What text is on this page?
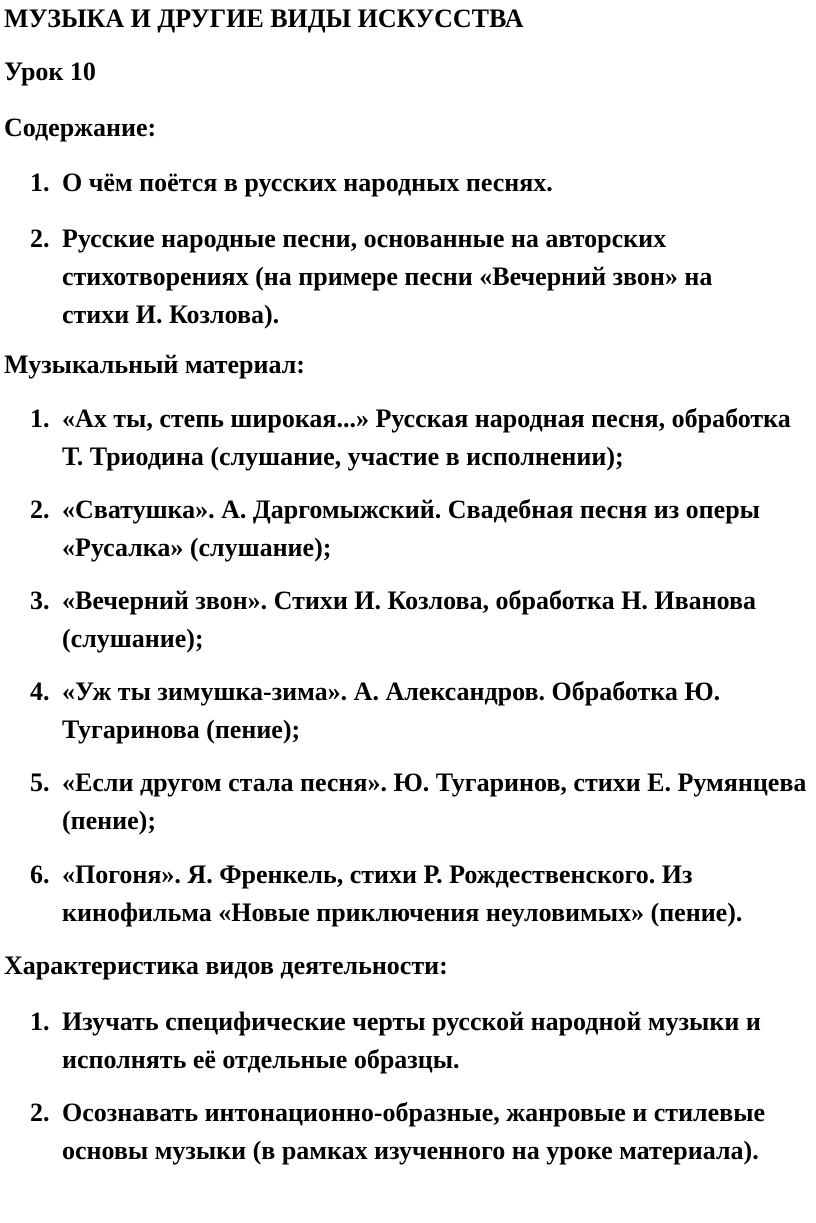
МУЗЫКА И ДРУГИЕ ВИДЫ ИСКУССТВА
Урок 10
Содержание:
1. О чём поётся в русских народных песнях.
2. Русские народные песни, основанные на авторских стихотворениях (на примере песни «Вечерний звон» на стихи И. Козлова).
Музыкальный материал:
1. «Ах ты, степь широкая...» Русская народная песня, обработка Т. Триодина (слушание, участие в исполнении);
2. «Сватушка». А. Даргомыжский. Свадебная песня из оперы «Русалка» (слушание);
3. «Вечерний звон». Стихи И. Козлова, обработка Н. Иванова (слушание);
4. «Уж ты зимушка-зима». А. Александров. Обработка Ю. Тугаринова (пение);
5. «Если другом стала песня». Ю. Тугаринов, стихи Е. Румянцева (пение);
6. «Погоня». Я. Френкель, стихи Р. Рождественского. Из кинофильма «Новые приключения неуловимых» (пение).
Характеристика видов деятельности:
1. Изучать специфические черты русской народной музыки и исполнять её отдельные образцы.
2. Осознавать интонационно-образные, жанровые и стилевые основы музыки (в рамках изученного на уроке материала).
